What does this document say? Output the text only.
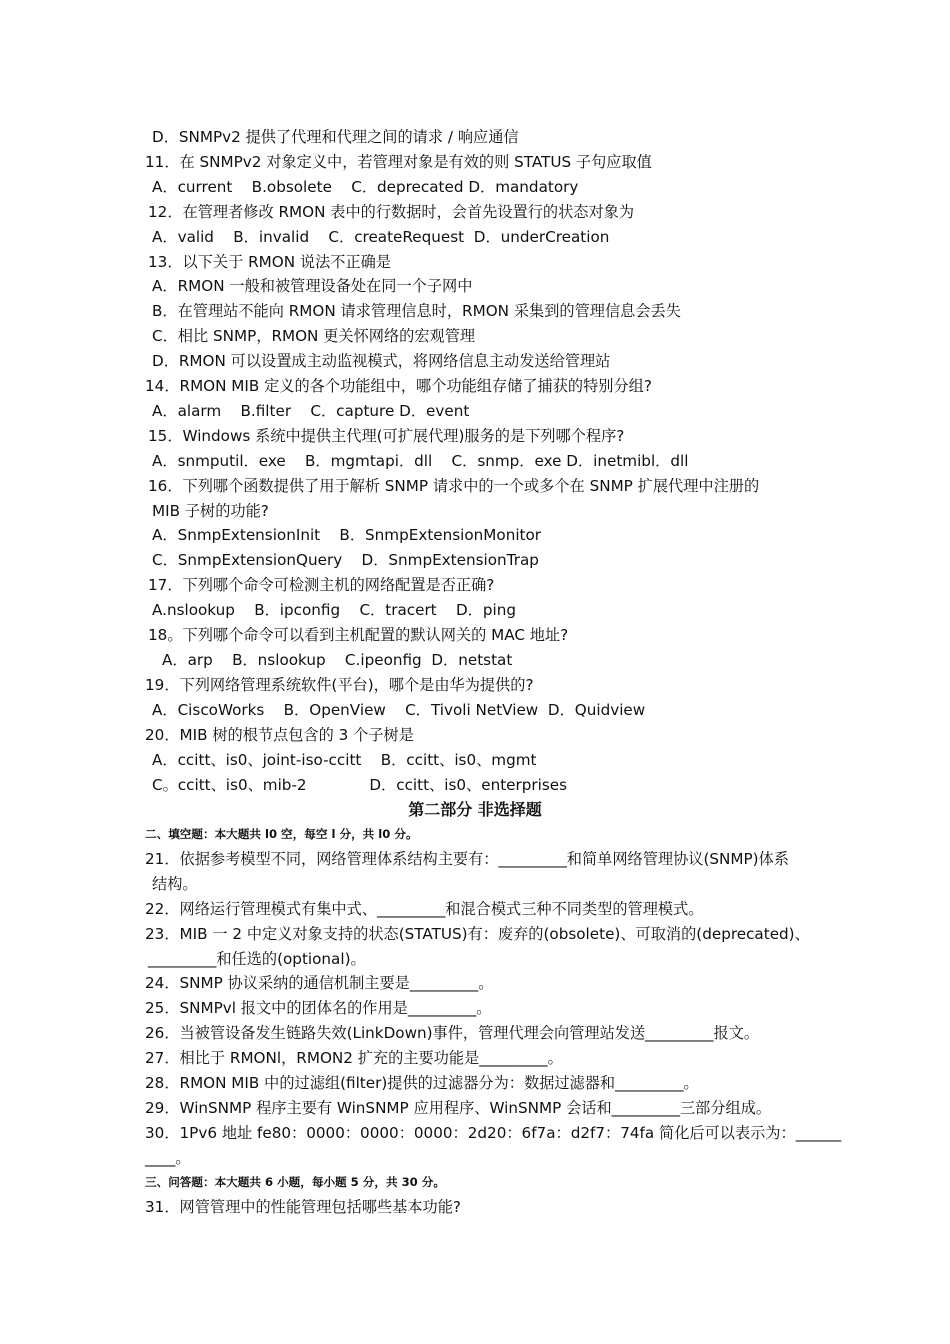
D．SNMPv2 提供了代理和代理之间的请求 / 响应通信
11．在 SNMPv2 对象定义中，若管理对象是有效的则 STATUS 子句应取值
A．current    B.obsolete    C．deprecated D．mandatory
12．在管理者修改 RMON 表中的行数据时，会首先设置行的状态对象为
A．valid    B．invalid    C．createRequest  D．underCreation
13．以下关于 RMON 说法不正确是
A．RMON 一般和被管理设备处在同一个子网中
B．在管理站不能向 RMON 请求管理信息时，RMON 采集到的管理信息会丢失
C．相比 SNMP，RMON 更关怀网络的宏观管理
D．RMON 可以设置成主动监视模式，将网络信息主动发送给管理站
14．RMON MIB 定义的各个功能组中，哪个功能组存储了捕获的特别分组?
A．alarm    B.filter    C．capture D．event
15．Windows 系统中提供主代理(可扩展代理)服务的是下列哪个程序?
A．snmputil．exe    B．mgmtapi．dll    C．snmp．exe D．inetmibl．dll
16．下列哪个函数提供了用于解析 SNMP 请求中的一个或多个在 SNMP 扩展代理中注册的
MIB 子树的功能?
A．SnmpExtensionInit    B．SnmpExtensionMonitor
C．SnmpExtensionQuery    D．SnmpExtensionTrap
17．下列哪个命令可检测主机的网络配置是否正确?
A.nslookup    B．ipconfig    C．tracert    D．ping
18。下列哪个命令可以看到主机配置的默认网关的 MAC 地址?
A．arp    B．nslookup    C.ipeonfig  D．netstat
19．下列网络管理系统软件(平台)，哪个是由华为提供的?
A．CiscoWorks    B．OpenView    C．Tivoli NetView  D．Quidview
20．MIB 树的根节点包含的 3 个子树是
A．ccitt、is0、joint-iso-ccitt    B．ccitt、is0、mgmt
C。ccitt、is0、mib-2             D．ccitt、is0、enterprises
第二部分 非选择题
二、填空题：本大题共 l0 空，每空 l 分，共 l0 分。
21．依据参考模型不同，网络管理体系结构主要有：_________和简单网络管理协议(SNMP)体系
结构。
22．网络运行管理模式有集中式、_________和混合模式三种不同类型的管理模式。
23．MIB 一 2 中定义对象支持的状态(STATUS)有：废弃的(obsolete)、可取消的(deprecated)、
_________和任选的(optional)。
24．SNMP 协议采纳的通信机制主要是_________。
25．SNMPvl 报文中的团体名的作用是_________。
26．当被管设备发生链路失效(LinkDown)事件，管理代理会向管理站发送_________报文。
27．相比于 RMONl，RMON2 扩充的主要功能是_________。
28．RMON MIB 中的过滤组(filter)提供的过滤器分为：数据过滤器和_________。
29．WinSNMP 程序主要有 WinSNMP 应用程序、WinSNMP 会话和_________三部分组成。
30．1Pv6 地址 fe80：0000：0000：0000：2d20：6f7a：d2f7：74fa 简化后可以表示为：______
____。
三、问答题：本大题共 6 小题，每小题 5 分，共 30 分。
31．网管管理中的性能管理包括哪些基本功能?
